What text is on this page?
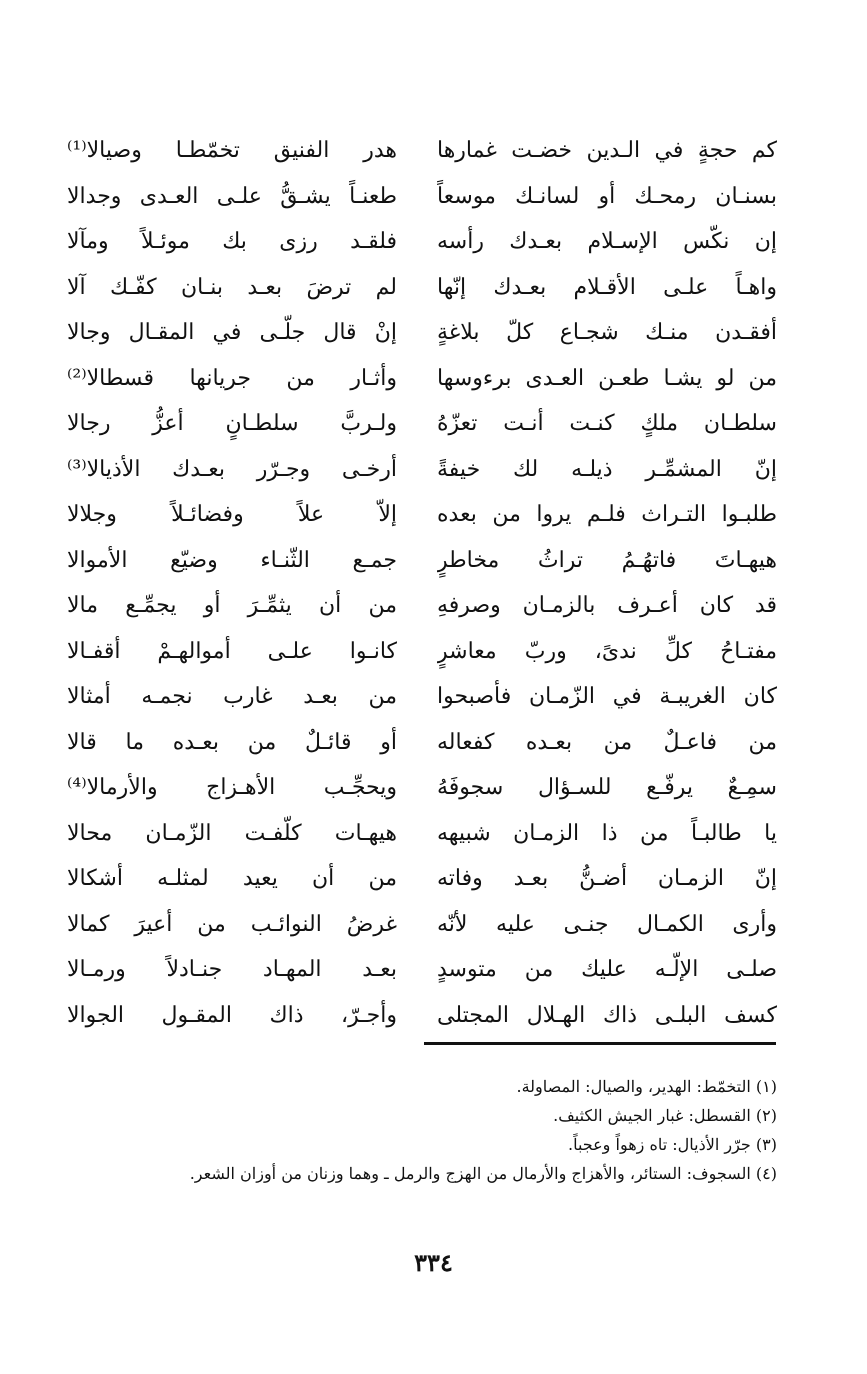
كم حجةٍ في الـدين خضـت غمارها
بسنـان رمحـك أو لسانـك موسعاً
إن نكّس الإسـلام بعـدك رأسه
واهـاً علـى الأقـلام بعـدك إنّها
أفقـدن منـك شجـاع كلّ بلاغةٍ
من لو يشـا طعـن العـدى برءوسها
سلطـان ملكٍ كنـت أنـت تعزّهُ
إنّ المشمِّـر ذيلـه لك خيفةً
طلبـوا التـراث فلـم يروا من بعده
هيهـاتَ فاتهُـمُ تراثُ مخاطرٍ
قد كان أعـرف بالزمـان وصرفهِ
مفتـاحُ كلِّ ندىً، وربّ معاشرٍ
كان الغريبـة في الزّمـان فأصبحوا
من فاعـلٌ من بعـده كفعاله
سمِـعٌ يرفّـع للسـؤال سجوفَهُ
يا طالبـاً من ذا الزمـان شبيهه
إنّ الزمـان أضـنُّ بعـد وفاته
وأرى الكمـال جنـى عليه لأنّه
صلـى الإلّـه عليك من متوسدٍ
كسف البلـى ذاك الهـلال المجتلى
هدر الفنيق تخمّطـا وصيالا⁽¹⁾
طعنـاً يشـقُّ علـى العـدى وجدالا
فلقـد رزى بك موئـلاً ومآلا
لم ترضَ بعـد بنـان كفّـك آلا
إنْ قال جلّـى في المقـال وجالا
وأثـار من جريانها قسطالا⁽²⁾
ولـربَّ سلطـانٍ أعزُّ رجالا
أرخـى وجـرّر بعـدك الأذيالا⁽³⁾
إلاّ علاً وفضائـلاً وجلالا
جمـع الثّنـاء وضيّع الأموالا
من أن يثمِّـرَ أو يجمِّـع مالا
كانـوا علـى أموالهـمْ أقفـالا
من بعـد غارب نجمـه أمثالا
أو قائـلٌ من بعـده ما قالا
ويحجِّـب الأهـزاج والأرمالا⁽⁴⁾
هيهـات كلّفـت الزّمـان محالا
من أن يعيد لمثلـه أشكالا
غرضُ النوائـب من أعيرَ كمالا
بعـد المهـاد جنـادلاً ورمـالا
وأجـرّ، ذاك المقـول الجوالا
(١) التخمّط: الهدير، والصيال: المصاولة.
(٢) القسطل: غبار الجيش الكثيف.
(٣) جرّر الأذيال: تاه زهواً وعجباً.
(٤) السجوف: الستائر، والأهزاج والأرمال من الهزج والرمل ـ وهما وزنان من أوزان الشعر.
٣٣٤
